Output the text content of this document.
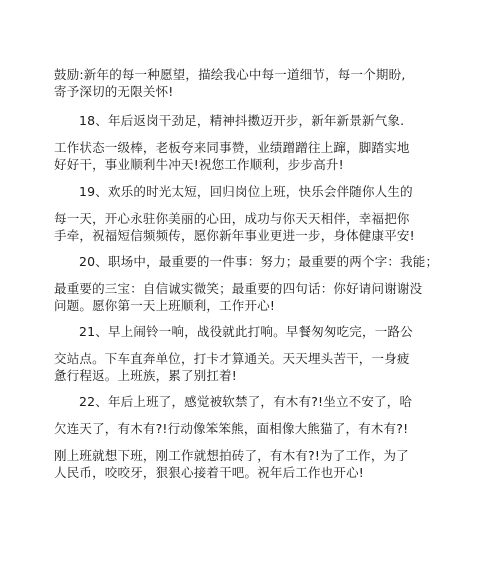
鼓励:新年的每一种愿望，描绘我心中每一道细节，每一个期盼,
寄予深切的无限关怀!
18、年后返岗干劲足，精神抖擞迈开步，新年新景新气象.
工作状态一级棒，老板夸来同事赞，业绩蹭蹭往上蹿，脚踏实地
好好干，事业顺利牛冲天!祝您工作顺利，步步高升!
19、欢乐的时光太短，回归岗位上班，快乐会伴随你人生的
每一天，开心永驻你美丽的心田，成功与你天天相伴，幸福把你
手牵，祝福短信频频传，愿你新年事业更进一步，身体健康平安!
20、职场中，最重要的一件事：努力；最重要的两个字：我能；
最重要的三宝：自信诚实微笑；最重要的四句话：你好请问谢谢没
问题。愿你第一天上班顺利，工作开心!
21、早上闹铃一响，战役就此打响。早餐匆匆吃完，一路公
交站点。下车直奔单位，打卡才算通关。天天埋头苦干，一身疲
惫行程返。上班族，累了别扛着!
22、年后上班了，感觉被软禁了，有木有?!坐立不安了，哈
欠连天了，有木有?!行动像笨笨熊，面相像大熊猫了，有木有?!
刚上班就想下班，刚工作就想拍砖了，有木有?!为了工作，为了
人民币，咬咬牙，狠狠心接着干吧。祝年后工作也开心!
